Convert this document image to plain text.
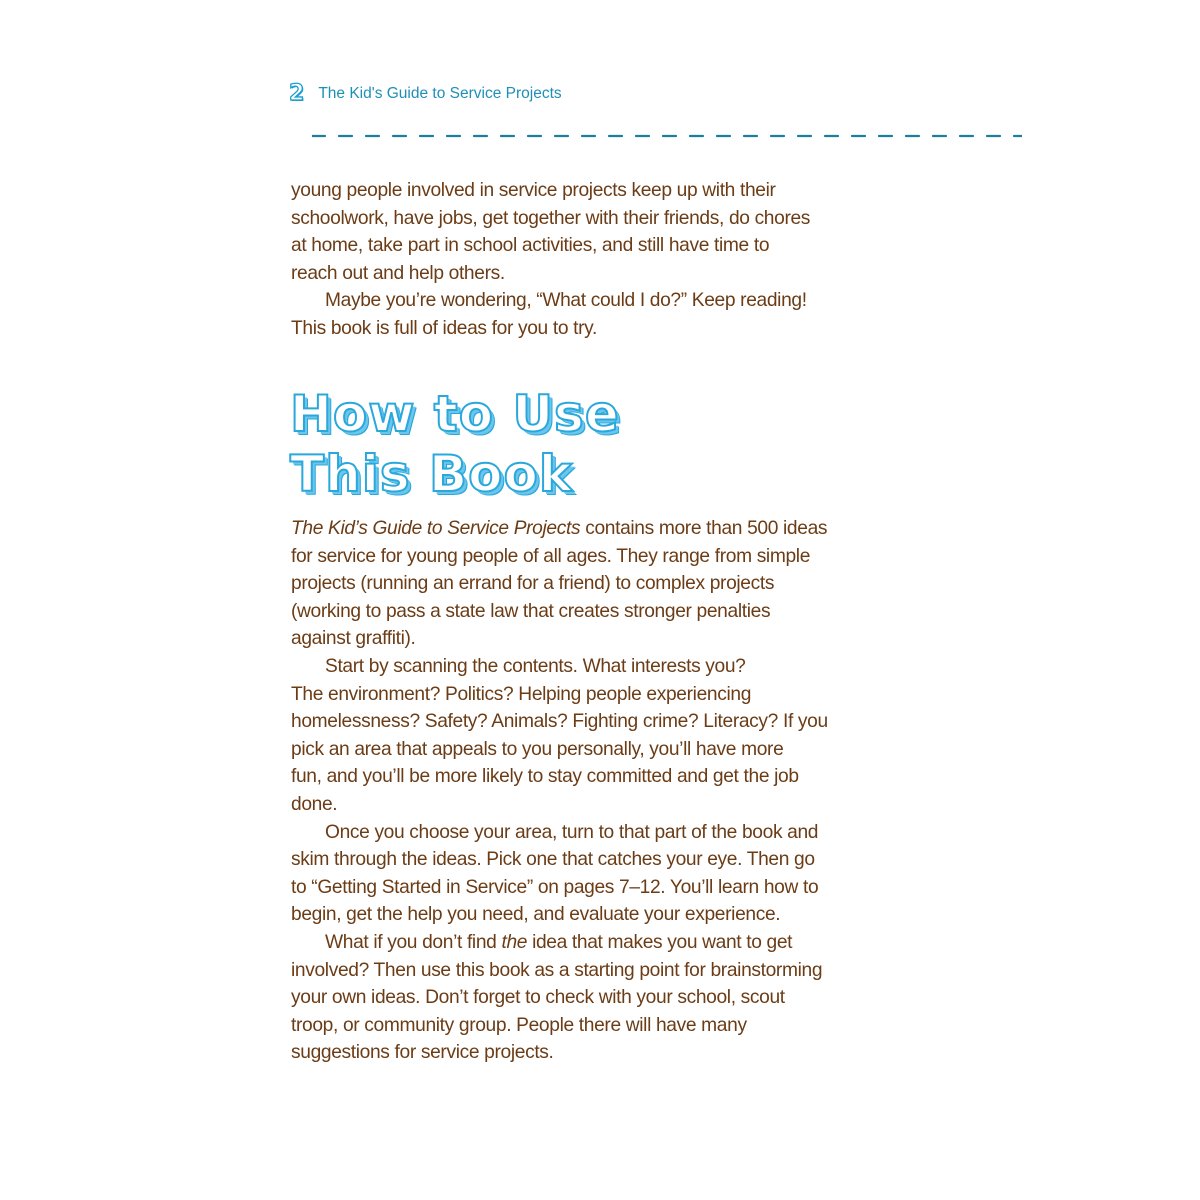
2 The Kid's Guide to Service Projects
young people involved in service projects keep up with their
schoolwork, have jobs, get together with their friends, do chores
at home, take part in school activities, and still have time to
reach out and help others.
Maybe you’re wondering, “What could I do?” Keep reading!
This book is full of ideas for you to try.
How to Use
This Book
The Kid’s Guide to Service Projects contains more than 500 ideas
for service for young people of all ages. They range from simple
projects (running an errand for a friend) to complex projects
(working to pass a state law that creates stronger penalties
against graffiti).
Start by scanning the contents. What interests you?
The environment? Politics? Helping people experiencing
homelessness? Safety? Animals? Fighting crime? Literacy? If you
pick an area that appeals to you personally, you’ll have more
fun, and you’ll be more likely to stay committed and get the job
done.
Once you choose your area, turn to that part of the book and
skim through the ideas. Pick one that catches your eye. Then go
to “Getting Started in Service” on pages 7–12. You’ll learn how to
begin, get the help you need, and evaluate your experience.
What if you don’t find the idea that makes you want to get
involved? Then use this book as a starting point for brainstorming
your own ideas. Don’t forget to check with your school, scout
troop, or community group. People there will have many
suggestions for service projects.
